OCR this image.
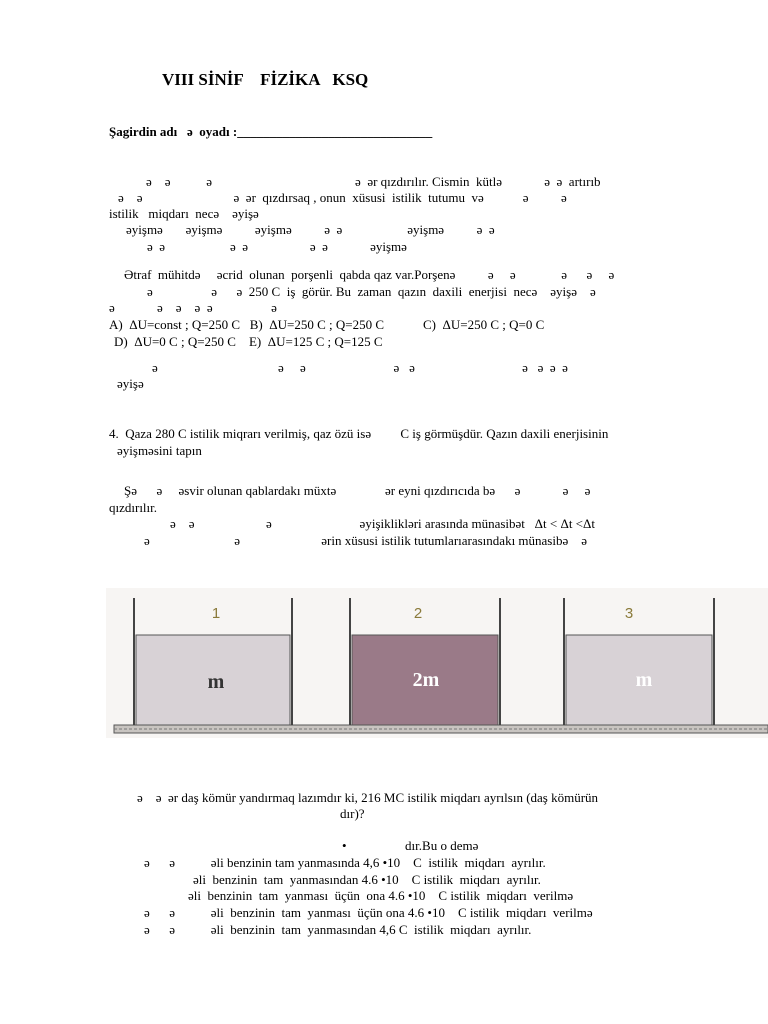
VIII SİNİF    FİZİKA   KSQ
Şagirdin adı   ə  oyadı :______________________________
ə    ə           ə                                            ə  ər qızdırılır. Cismin  kütlə             ə  ə  artırıb
ə    ə                            ə  ər  qızdırsaq , onun  xüsusi  istilik  tutumu  və            ə          ə
istilik   miqdarı  necə    əyişə
əyişmə       əyişmə          əyişmə          ə  ə                    əyişmə          ə  ə
ə  ə                    ə  ə                   ə  ə             əyişmə
Ətraf  mühitdə     əcrid  olunan  porşenli  qabda qaz var.Porşenə          ə     ə              ə      ə     ə
ə                  ə      ə  250 C  iş  görür. Bu  zaman  qazın  daxili  enerjisi  necə    əyişə    ə
ə             ə    ə    ə  ə                  ə
A)  ΔU=const ; Q=250 C   B)  ΔU=250 C ; Q=250 C            C)  ΔU=250 C ; Q=0 C
D)  ΔU=0 C ; Q=250 C    E)  ΔU=125 C ; Q=125 C
ə                                     ə     ə                           ə   ə                                 ə   ə  ə  ə
əyişə
4.  Qaza 280 C istilik miqrarı verilmiş, qaz özü isə         C iş görmüşdür. Qazın daxili enerjisinin
əyişməsini tapın
Şə      ə     əsvir olunan qablardakı müxtə               ər eyni qızdırıcıda bə      ə             ə     ə
qızdırılır.
ə    ə                      ə                           əyişiklikləri arasında münasibət   Δt < Δt <Δt
ə                          ə                         ərin xüsusi istilik tutumlarıarasındakı münasibə    ə
1
m
2
2m
3
m
ə    ə  ər daş kömür yandırmaq lazımdır ki, 216 MC istilik miqdarı ayrılsın (daş kömürün
dır)?
•                  dır.Bu o demə
ə      ə           əli benzinin tam yanmasında 4,6 •10    C  istilik  miqdarı  ayrılır.
əli  benzinin  tam  yanmasından 4.6 •10    C istilik  miqdarı  ayrılır.
əli  benzinin  tam  yanması  üçün  ona 4.6 •10    C istilik  miqdarı  verilmə
ə      ə           əli  benzinin  tam  yanması  üçün ona 4.6 •10    C istilik  miqdarı  verilmə
ə      ə           əli  benzinin  tam  yanmasından 4,6 C  istilik  miqdarı  ayrılır.
